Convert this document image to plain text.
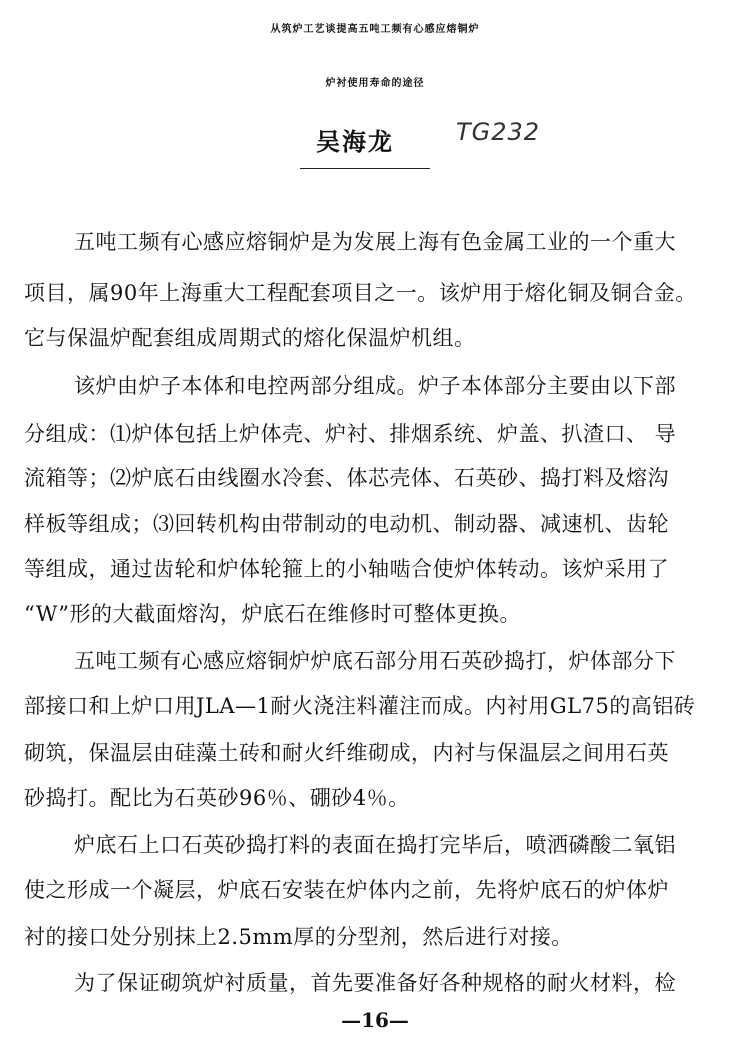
从筑炉工艺谈提高五吨工频有心感应熔铜炉
炉衬使用寿命的途径
吴海龙	TG232
五吨工频有心感应熔铜炉是为发展上海有色金属工业的一个重大
项目，属90年上海重大工程配套项目之一。该炉用于熔化铜及铜合金。
它与保温炉配套组成周期式的熔化保温炉机组。
该炉由炉子本体和电控两部分组成。炉子本体部分主要由以下部
分组成：⑴炉体包括上炉体壳、炉衬、排烟系统、炉盖、扒渣口、 导
流箱等；⑵炉底石由线圈水冷套、体芯壳体、石英砂、捣打料及熔沟
样板等组成；⑶回转机构由带制动的电动机、制动器、减速机、齿轮
等组成，通过齿轮和炉体轮箍上的小轴啮合使炉体转动。该炉采用了
“W”形的大截面熔沟，炉底石在维修时可整体更换。
五吨工频有心感应熔铜炉炉底石部分用石英砂捣打，炉体部分下
部接口和上炉口用JLA—1耐火浇注料灌注而成。内衬用GL75的高铝砖
砌筑，保温层由硅藻土砖和耐火纤维砌成，内衬与保温层之间用石英
砂捣打。配比为石英砂96％、硼砂4％。
炉底石上口石英砂捣打料的表面在捣打完毕后，喷洒磷酸二氧铝
使之形成一个凝层，炉底石安装在炉体内之前，先将炉底石的炉体炉
衬的接口处分别抹上2.5mm厚的分型剂，然后进行对接。
为了保证砌筑炉衬质量，首先要准备好各种规格的耐火材料，检
—16—
